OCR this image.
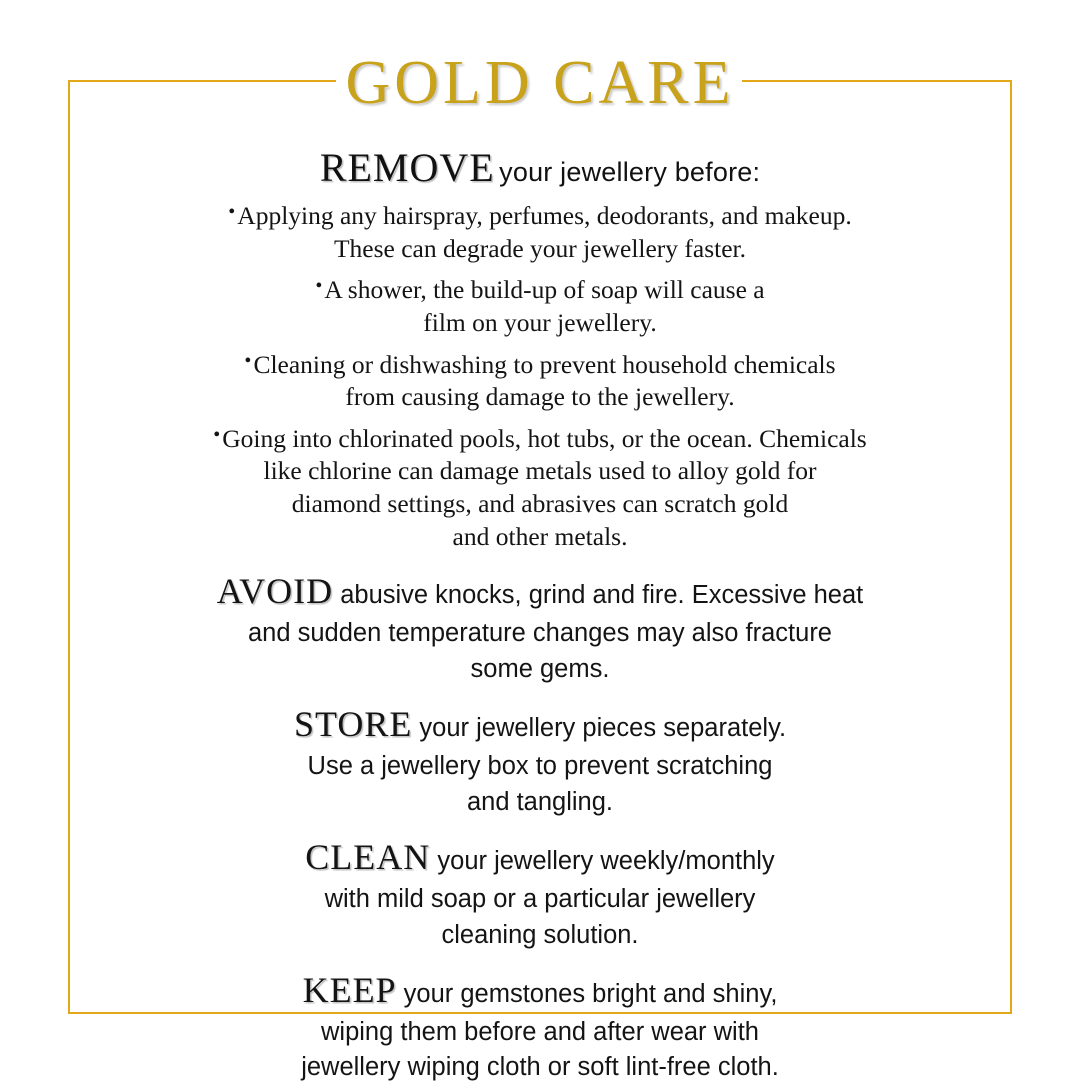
GOLD CARE
REMOVE your jewellery before:
•Applying any hairspray, perfumes, deodorants, and makeup.
These can degrade your jewellery faster.
•A shower, the build-up of soap will cause a
film on your jewellery.
•Cleaning or dishwashing to prevent household chemicals
from causing damage to the jewellery.
•Going into chlorinated pools, hot tubs, or the ocean. Chemicals
like chlorine can damage metals used to alloy gold for
diamond settings, and abrasives can scratch gold
and other metals.
AVOID abusive knocks, grind and fire. Excessive heat
and sudden temperature changes may also fracture
some gems.
STORE your jewellery pieces separately.
Use a jewellery box to prevent scratching
and tangling.
CLEAN your jewellery weekly/monthly
with mild soap or a particular jewellery
cleaning solution.
KEEP your gemstones bright and shiny,
wiping them before and after wear with
jewellery wiping cloth or soft lint-free cloth.
